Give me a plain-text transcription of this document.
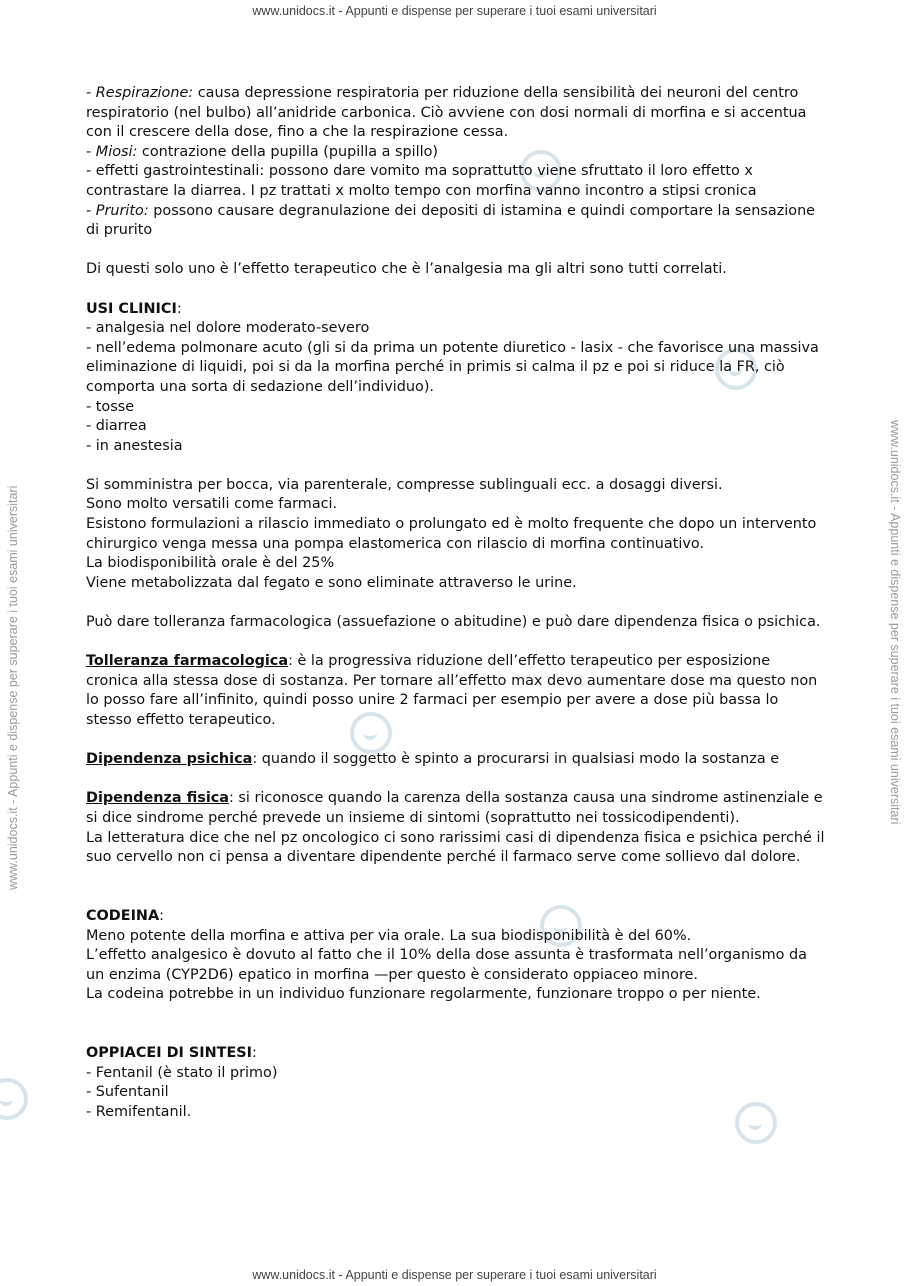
www.unidocs.it - Appunti e dispense per superare i tuoi esami universitari
www.unidocs.it - Appunti e dispense per superare i tuoi esami universitari
www.unidocs.it - Appunti e dispense per superare i tuoi esami universitari	www.unidocs.it - Appunti e dispense per superare i tuoi esami universitari

- Respirazione: causa depressione respiratoria per riduzione della sensibilità dei neuroni del centro respiratorio (nel bulbo) all’anidride carbonica. Ciò avviene con dosi normali di morfina e si accentua con il crescere della dose, fino a che la respirazione cessa.

- Miosi: contrazione della pupilla (pupilla a spillo)

- effetti gastrointestinali: possono dare vomito ma soprattutto viene sfruttato il loro effetto x contrastare la diarrea. I pz trattati x molto tempo con morfina vanno incontro a stipsi cronica

- Prurito: possono causare degranulazione dei depositi di istamina e quindi comportare la sensazione di prurito

Di questi solo uno è l’effetto terapeutico che è l’analgesia ma gli altri sono tutti correlati.

USI CLINICI:

- analgesia nel dolore moderato-severo

- nell’edema polmonare acuto (gli si da prima un potente diuretico - lasix - che favorisce una massiva eliminazione di liquidi, poi si da la morfina perché in primis si calma il pz e poi si riduce la FR, ciò comporta una sorta di sedazione dell’individuo).

- tosse

- diarrea

- in anestesia

Si somministra per bocca, via parenterale, compresse sublinguali ecc. a dosaggi diversi.

Sono molto versatili come farmaci.

Esistono formulazioni a rilascio immediato o prolungato ed è molto frequente che dopo un intervento chirurgico venga messa una pompa elastomerica con rilascio di morfina continuativo.

La biodisponibilità orale è del 25%

Viene metabolizzata dal fegato e sono eliminate attraverso le urine.

Può dare tolleranza farmacologica (assuefazione o abitudine) e può dare dipendenza fisica o psichica.

Tolleranza farmacologica: è la progressiva riduzione dell’effetto terapeutico per esposizione cronica alla stessa dose di sostanza. Per tornare all’effetto max devo aumentare dose ma questo non lo posso fare all’infinito, quindi posso unire 2 farmaci per esempio per avere a dose più bassa lo stesso effetto terapeutico.

Dipendenza psichica: quando il soggetto è spinto a procurarsi in qualsiasi modo la sostanza e

Dipendenza fisica: si riconosce quando la carenza della sostanza causa una sindrome astinenziale e si dice sindrome perché prevede un insieme di sintomi (soprattutto nei tossicodipendenti).

La letteratura dice che nel pz oncologico ci sono rarissimi casi di dipendenza fisica e psichica perché il suo cervello non ci pensa a diventare dipendente perché il farmaco serve come sollievo dal dolore.

CODEINA:

Meno potente della morfina e attiva per via orale. La sua biodisponibilità è del 60%.

L’effetto analgesico è dovuto al fatto che il 10% della dose assunta è trasformata nell’organismo da un enzima (CYP2D6) epatico in morfina —per questo è considerato oppiaceo minore.

La codeina potrebbe in un individuo funzionare regolarmente, funzionare troppo o per niente.

OPPIACEI DI SINTESI:

- Fentanil (è stato il primo)

- Sufentanil

- Remifentanil.
